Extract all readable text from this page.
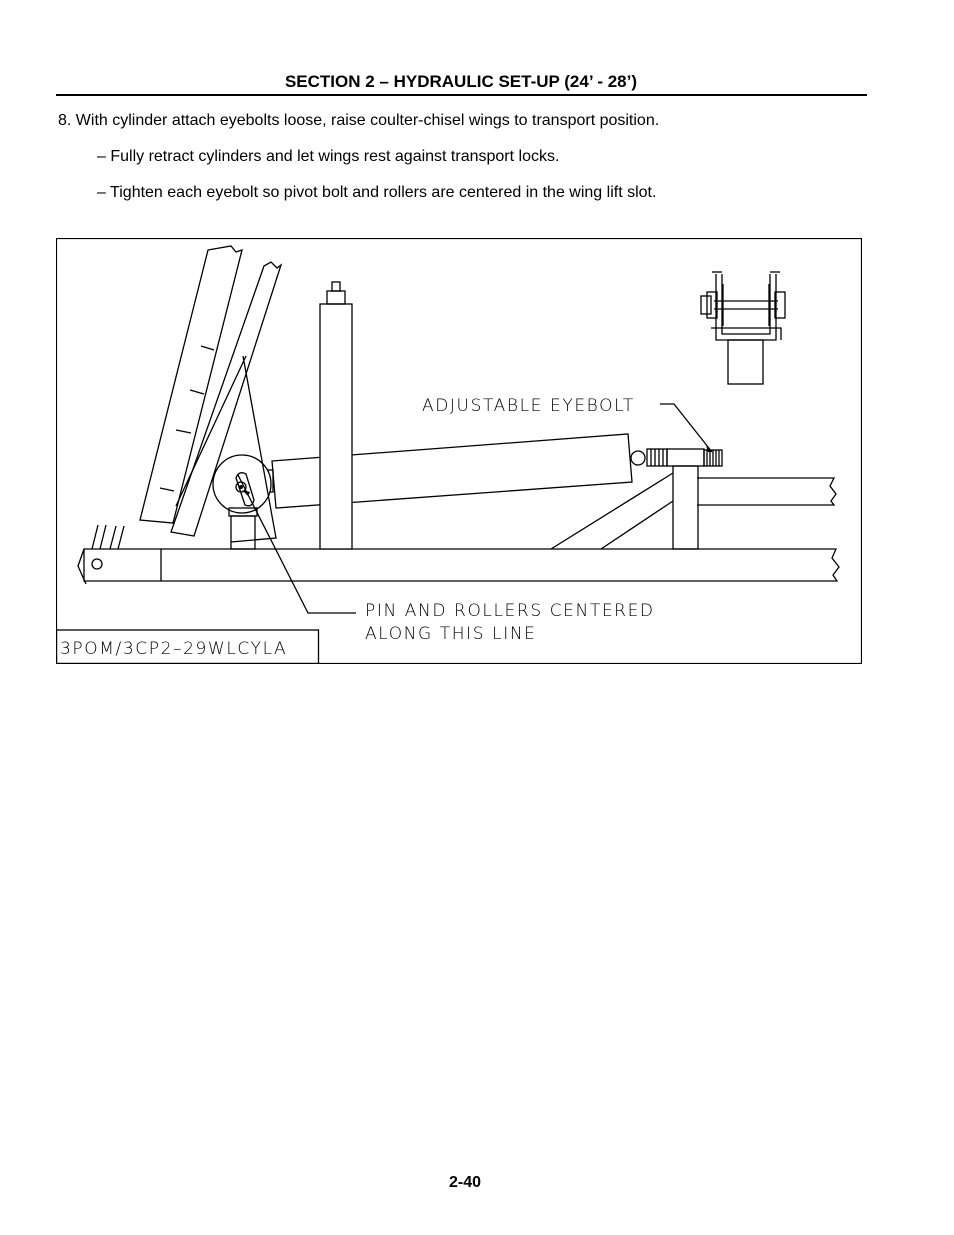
SECTION 2 – HYDRAULIC SET-UP (24’ - 28’)
8. With cylinder attach eyebolts loose, raise coulter-chisel wings to transport position.
– Fully retract cylinders and let wings rest against transport locks.
– Tighten each eyebolt so pivot bolt and rollers are centered in the wing lift slot.
ADJUSTABLE EYEBOLT
PIN AND ROLLERS CENTERED
ALONG THIS LINE
3POM/3CP2–29WLCYLA
2-40
